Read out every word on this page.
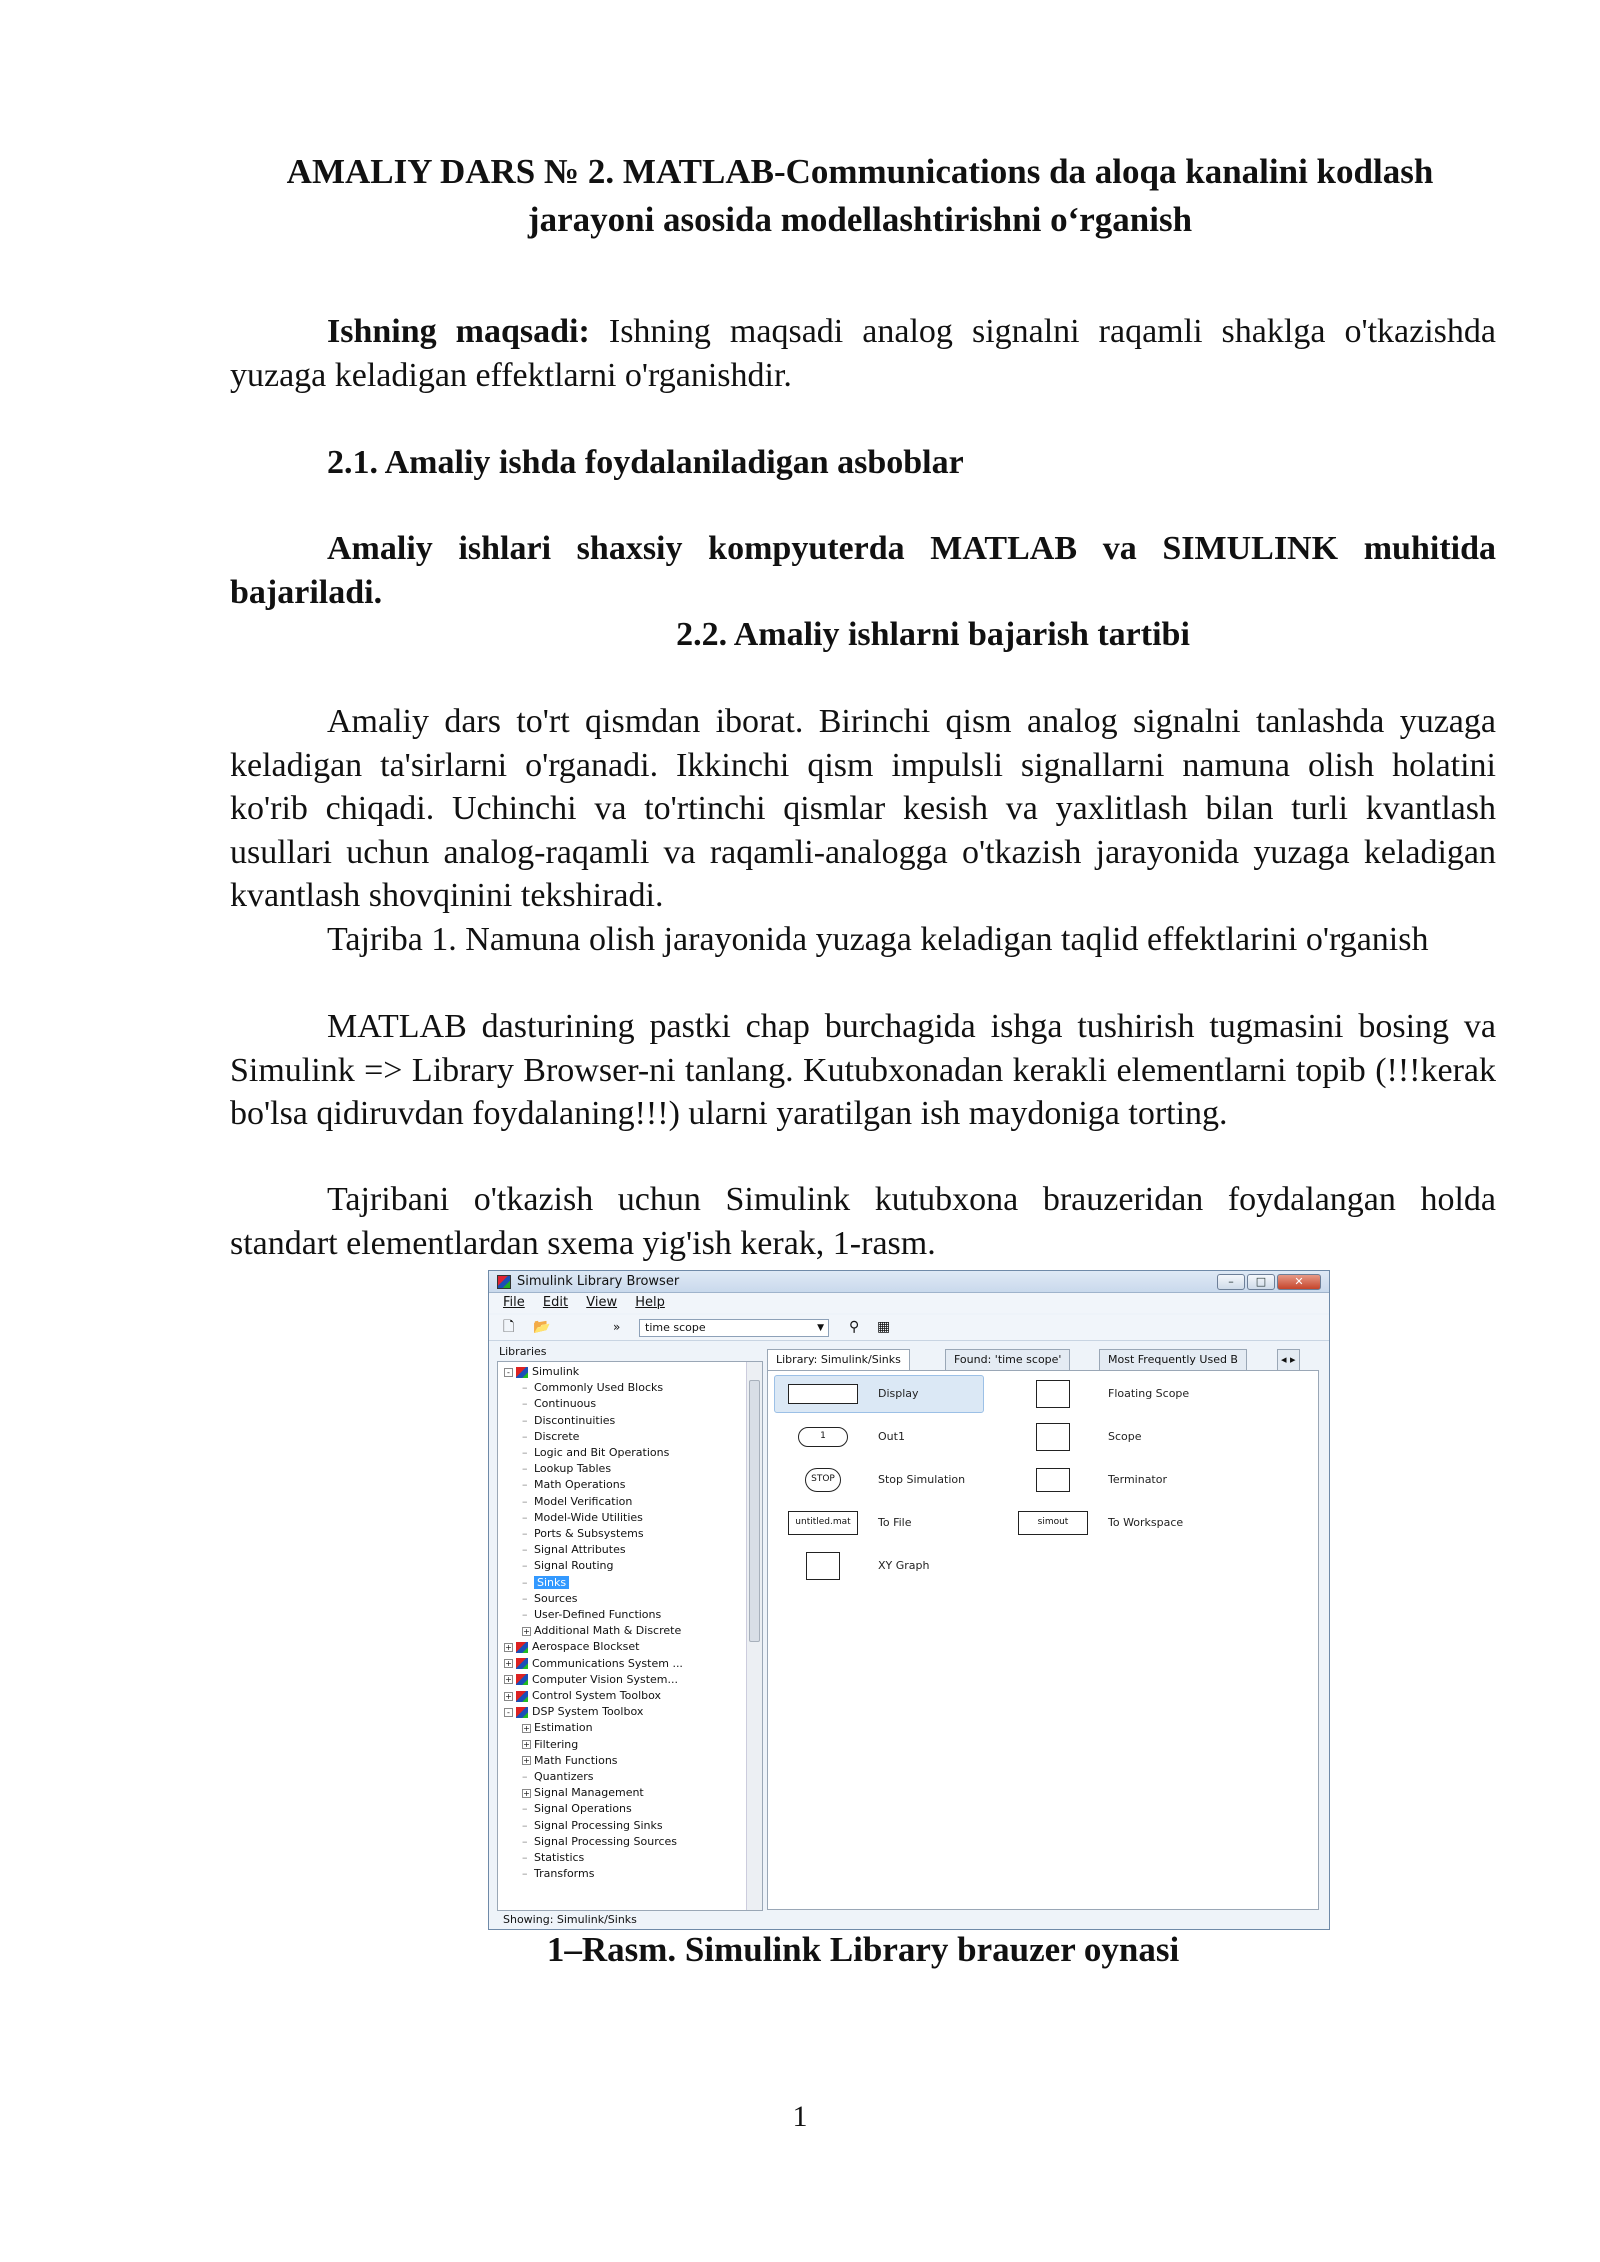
AMALIY DARS № 2. MATLAB-Communications da aloqa kanalini kodlash
jarayoni asosida modellashtirishni o‘rganish
Ishning maqsadi: Ishning maqsadi analog signalni raqamli shaklga o'tkazishda yuzaga keladigan effektlarni o'rganishdir.
2.1. Amaliy ishda foydalaniladigan asboblar
Amaliy ishlari shaxsiy kompyuterda MATLAB va SIMULINK muhitida bajariladi.
2.2. Amaliy ishlarni bajarish tartibi
Amaliy dars to'rt qismdan iborat. Birinchi qism analog signalni tanlashda yuzaga keladigan ta'sirlarni o'rganadi. Ikkinchi qism impulsli signallarni namuna olish holatini ko'rib chiqadi. Uchinchi va to'rtinchi qismlar kesish va yaxlitlash bilan turli kvantlash usullari uchun analog-raqamli va raqamli-analogga o'tkazish jarayonida yuzaga keladigan kvantlash shovqinini tekshiradi.
Tajriba 1. Namuna olish jarayonida yuzaga keladigan taqlid effektlarini o'rganish
MATLAB dasturining pastki chap burchagida ishga tushirish tugmasini bosing va Simulink => Library Browser-ni tanlang. Kutubxonadan kerakli elementlarni topib (!!!kerak bo'lsa qidiruvdan foydalaning!!!) ularni yaratilgan ish maydoniga torting.
Tajribani o'tkazish uchun Simulink kutubxona brauzeridan foydalangan holda standart elementlardan sxema yig'ish kerak, 1-rasm.
Simulink Library Browser	–	□	✕
File Edit View Help
🗋 📂	»	time scope	▼ ⚲ ▦
Libraries
- Simulink
– Commonly Used Blocks
– Continuous
– Discontinuities
– Discrete
– Logic and Bit Operations
– Lookup Tables
– Math Operations
– Model Verification
– Model-Wide Utilities
– Ports & Subsystems
– Signal Attributes
– Signal Routing
– Sinks
– Sources
– User-Defined Functions
+ Additional Math & Discrete
+ Aerospace Blockset
+ Communications System ...
+ Computer Vision System...
+ Control System Toolbox
- DSP System Toolbox
+ Estimation
+ Filtering
+ Math Functions
– Quantizers
+ Signal Management
– Signal Operations
– Signal Processing Sinks
– Signal Processing Sources
– Statistics
– Transforms
Library: Simulink/Sinks	Found: 'time scope'	Most Frequently Used B	◂ ▸
Display	Floating Scope
1	Out1	Scope
STOP	Stop Simulation	Terminator
untitled.mat	To File	simout	To Workspace
XY Graph
Showing: Simulink/Sinks
1–Rasm. Simulink Library brauzer oynasi
1
